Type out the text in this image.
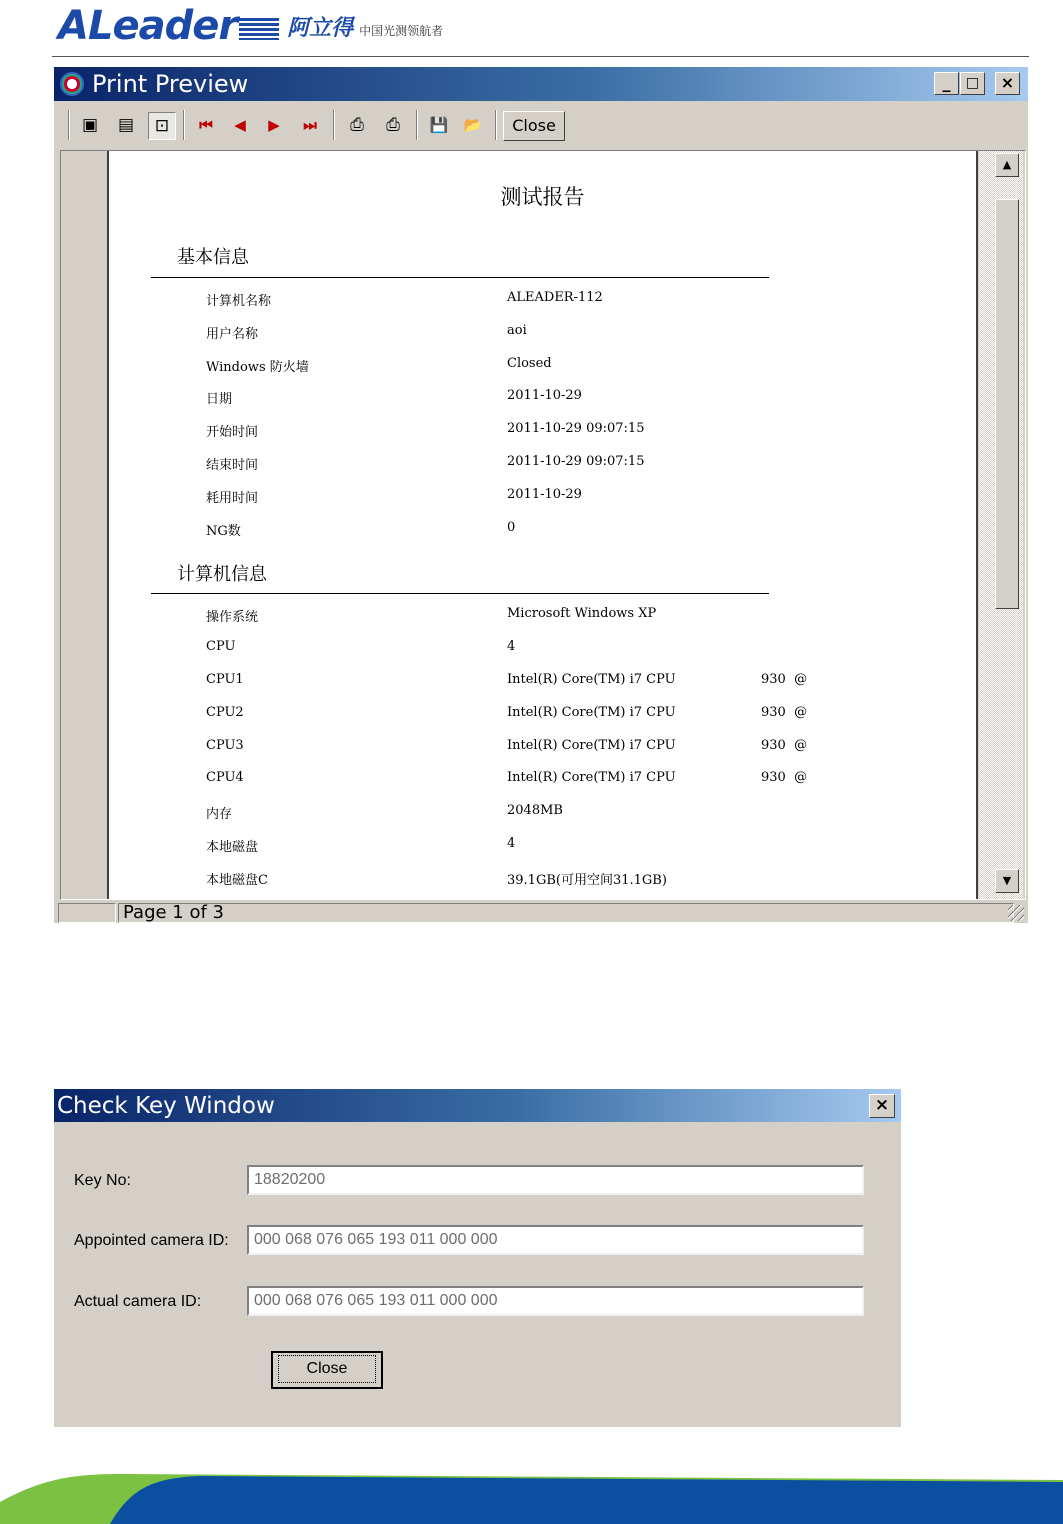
ALeader 阿立得 中国光测领航者
Print Preview	_	□	×
▣	▤	⊡	⏮	◀	▶	⏭	⎙	⎙	💾	📂	Close
测试报告
基本信息
计算机名称	ALEADER-112
用户名称	aoi
Windows 防火墙	Closed
日期	2011-10-29
开始时间	2011-10-29 09:07:15
结束时间	2011-10-29 09:07:15
耗用时间	2011-10-29
NG数	0
计算机信息
操作系统	Microsoft Windows XP
CPU	4
CPU1	Intel(R) Core(TM) i7 CPU	930  @
CPU2	Intel(R) Core(TM) i7 CPU	930  @
CPU3	Intel(R) Core(TM) i7 CPU	930  @
CPU4	Intel(R) Core(TM) i7 CPU	930  @
内存	2048MB
本地磁盘	4
本地磁盘C	39.1GB(可用空间31.1GB)
▲
▼
Page 1 of 3
Check Key Window	×
Key No:
18820200
Appointed camera ID:
000 068 076 065 193 011 000 000
Actual camera ID:
000 068 076 065 193 011 000 000
Close
